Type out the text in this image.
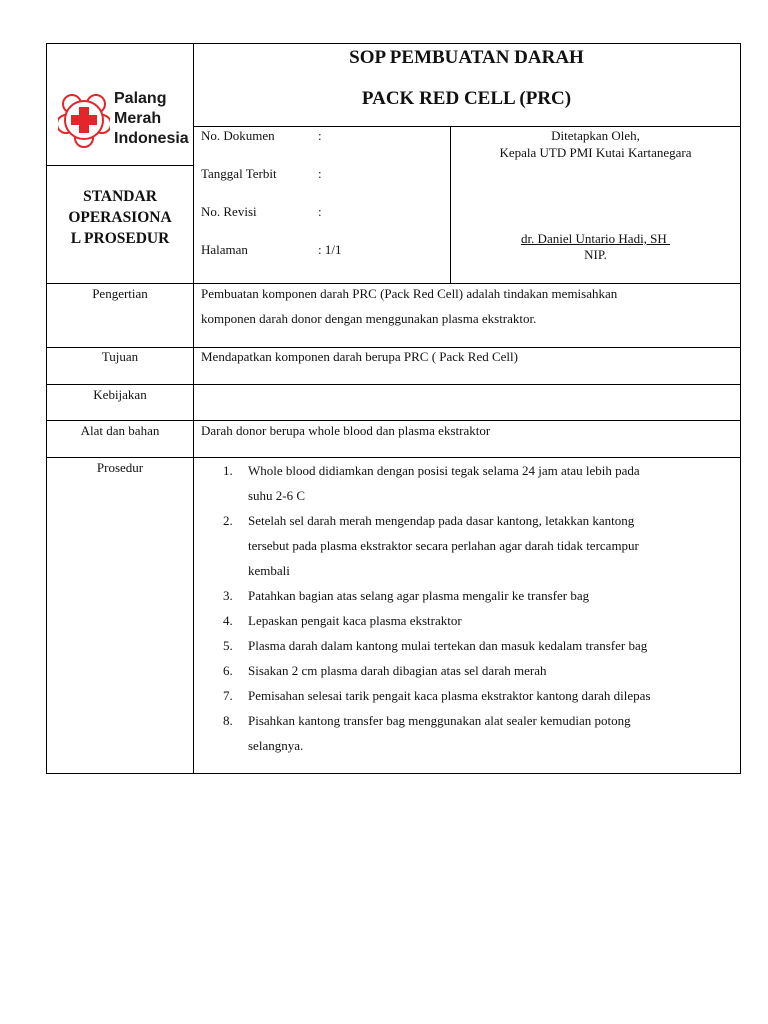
Palang
Merah
Indonesia
SOP PEMBUATAN DARAH
PACK RED CELL (PRC)
STANDAR
OPERASIONA
L PROSEDUR
No. Dokumen	:
Tanggal Terbit	:
No. Revisi	:
Halaman	: 1/1
Ditetapkan Oleh,
Kepala UTD PMI Kutai Kartanegara
dr. Daniel Untario Hadi, SH
NIP.
Pengertian	Pembuatan komponen darah PRC (Pack Red Cell) adalah tindakan memisahkan
komponen darah donor dengan menggunakan plasma ekstraktor.
Tujuan	Mendapatkan komponen darah berupa PRC ( Pack Red Cell)
Kebijakan
Alat dan bahan	Darah donor berupa whole blood dan plasma ekstraktor
Prosedur	1. Whole blood didiamkan dengan posisi tegak selama 24 jam atau lebih pada
suhu 2-6 C
2. Setelah sel darah merah mengendap pada dasar kantong, letakkan kantong
tersebut pada plasma ekstraktor secara perlahan agar darah tidak tercampur
kembali
3. Patahkan bagian atas selang agar plasma mengalir ke transfer bag
4. Lepaskan pengait kaca plasma ekstraktor
5. Plasma darah dalam kantong mulai tertekan dan masuk kedalam transfer bag
6. Sisakan 2 cm plasma darah dibagian atas sel darah merah
7. Pemisahan selesai tarik pengait kaca plasma ekstraktor kantong darah dilepas
8. Pisahkan kantong transfer bag menggunakan alat sealer kemudian potong
selangnya.
